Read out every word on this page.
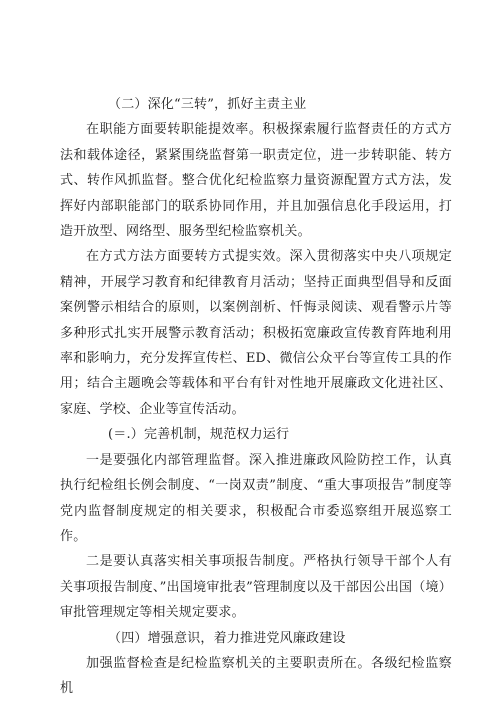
（二）深化“三转”，抓好主责主业

在职能方面要转职能提效率。积极探索履行监督责任的方式方法和载体途径，紧紧围绕监督第一职责定位，进一步转职能、转方式、转作风抓监督。整合优化纪检监察力量资源配置方式方法，发挥好内部职能部门的联系协同作用，并且加强信息化手段运用，打造开放型、网络型、服务型纪检监察机关。

在方式方法方面要转方式提实效。深入贯彻落实中央八项规定精神，开展学习教育和纪律教育月活动；坚持正面典型倡导和反面案例警示相结合的原则，以案例剖析、忏悔录阅读、观看警示片等多种形式扎实开展警示教育活动；积极拓宽廉政宣传教育阵地利用率和影响力，充分发挥宣传栏、ED、微信公众平台等宣传工具的作用；结合主题晚会等载体和平台有针对性地开展廉政文化进社区、家庭、学校、企业等宣传活动。

(＝.）完善机制，规范权力运行

一是要强化内部管理监督。深入推进廉政风险防控工作，认真执行纪检组长例会制度、“一岗双责”制度、“重大事项报告”制度等党内监督制度规定的相关要求，积极配合市委巡察组开展巡察工作。

二是要认真落实相关事项报告制度。严格执行领导干部个人有关事项报告制度、”出国境审批表”管理制度以及干部因公出国（境）审批管理规定等相关规定要求。

（四）增强意识，着力推进党风廉政建设

加强监督检查是纪检监察机关的主要职责所在。各级纪检监察机
